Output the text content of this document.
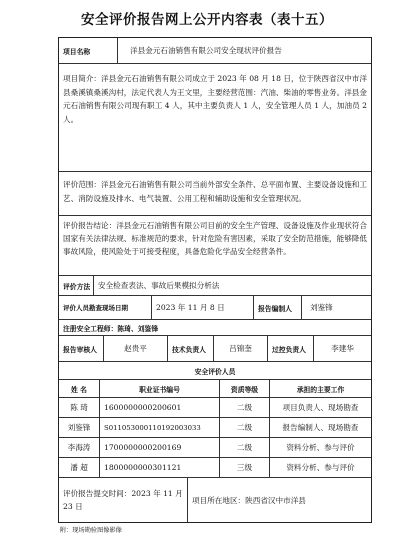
安全评价报告网上公开内容表（表十五）
项目名称	洋县金元石油销售有限公司安全现状评价报告
项目简介：洋县金元石油销售有限公司成立于 2023 年 08 月 18 日，位于陕西省汉中市洋县桑溪镇桑溪沟村，法定代表人为王文里，主要经营范围：汽油、柴油的零售业务。洋县金元石油销售有限公司现有职工 4 人，其中主要负责人 1 人，安全管理人员 1 人，加油员 2 人。
评价范围：洋县金元石油销售有限公司当前外部安全条件、总平面布置、主要设备设施和工艺、消防设施及排水、电气装置、公用工程和辅助设施和安全管理状况。
评价报告结论：洋县金元石油销售有限公司目前的安全生产管理、设备设施及作业现状符合国家有关法律法规、标准规范的要求，针对危险有害因素，采取了安全防范措施，能够降低事故风险，使风险处于可接受程度，具备危险化学品安全经营条件。
评价方法	安全检查表法、事故后果模拟分析法
评价人员勘查现场日期	2023 年 11 月 8 日	报告编制人	刘鉴锋
注册安全工程师：陈琦、刘鉴锋
报告审核人	赵贵平	技术负责人	吕锦奎	过控负责人	李建华
安全评价人员
姓 名	职业证书编号	资质等级	承担的主要工作
陈 琦	1600000000200601	二级	项目负责人、现场勘查
刘鉴锋	S011053000110192003033	二级	报告编制人、现场勘查
李海涛	1700000000200169	二级	资料分析、参与评价
潘 超	1800000000301121	三级	资料分析、参与评价
评价报告提交时间：2023 年 11 月
23 日
项目所在地区：陕西省汉中市洋县
附：现场勘验图像影像
